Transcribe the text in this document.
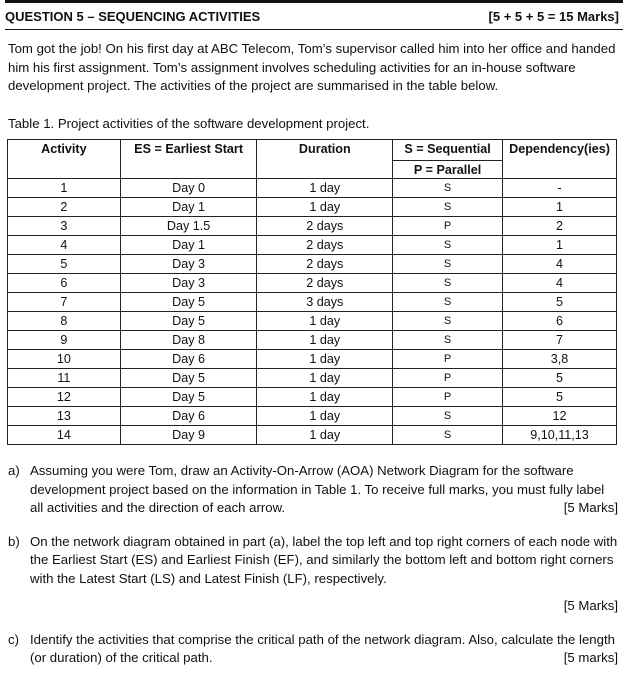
QUESTION 5 – SEQUENCING ACTIVITIES	[5 + 5 + 5 = 15 Marks]

Tom got the job! On his first day at ABC Telecom, Tom’s supervisor called him into her office and handed him his first assignment. Tom’s assignment involves scheduling activities for an in-house software development project. The activities of the project are summarised in the table below.

Table 1. Project activities of the software development project.

Activity	ES = Earliest Start	Duration	S = Sequential	Dependency(ies)
			P = Parallel	
1	Day 0	1 day	S	-
2	Day 1	1 day	S	1
3	Day 1.5	2 days	P	2
4	Day 1	2 days	S	1
5	Day 3	2 days	S	4
6	Day 3	2 days	S	4
7	Day 5	3 days	S	5
8	Day 5	1 day	S	6
9	Day 8	1 day	S	7
10	Day 6	1 day	P	3,8
11	Day 5	1 day	P	5
12	Day 5	1 day	P	5
13	Day 6	1 day	S	12
14	Day 9	1 day	S	9,10,11,13
a) Assuming you were Tom, draw an Activity-On-Arrow (AOA) Network Diagram for the software development project based on the information in Table 1. To receive full marks, you must fully label all activities and the direction of each arrow.	[5 Marks]
b) On the network diagram obtained in part (a), label the top left and top right corners of each node with the Earliest Start (ES) and Earliest Finish (EF), and similarly the bottom left and bottom right corners with the Latest Start (LS) and Latest Finish (LF), respectively.
[5 Marks]
c) Identify the activities that comprise the critical path of the network diagram. Also, calculate the length (or duration) of the critical path.	[5 marks]
